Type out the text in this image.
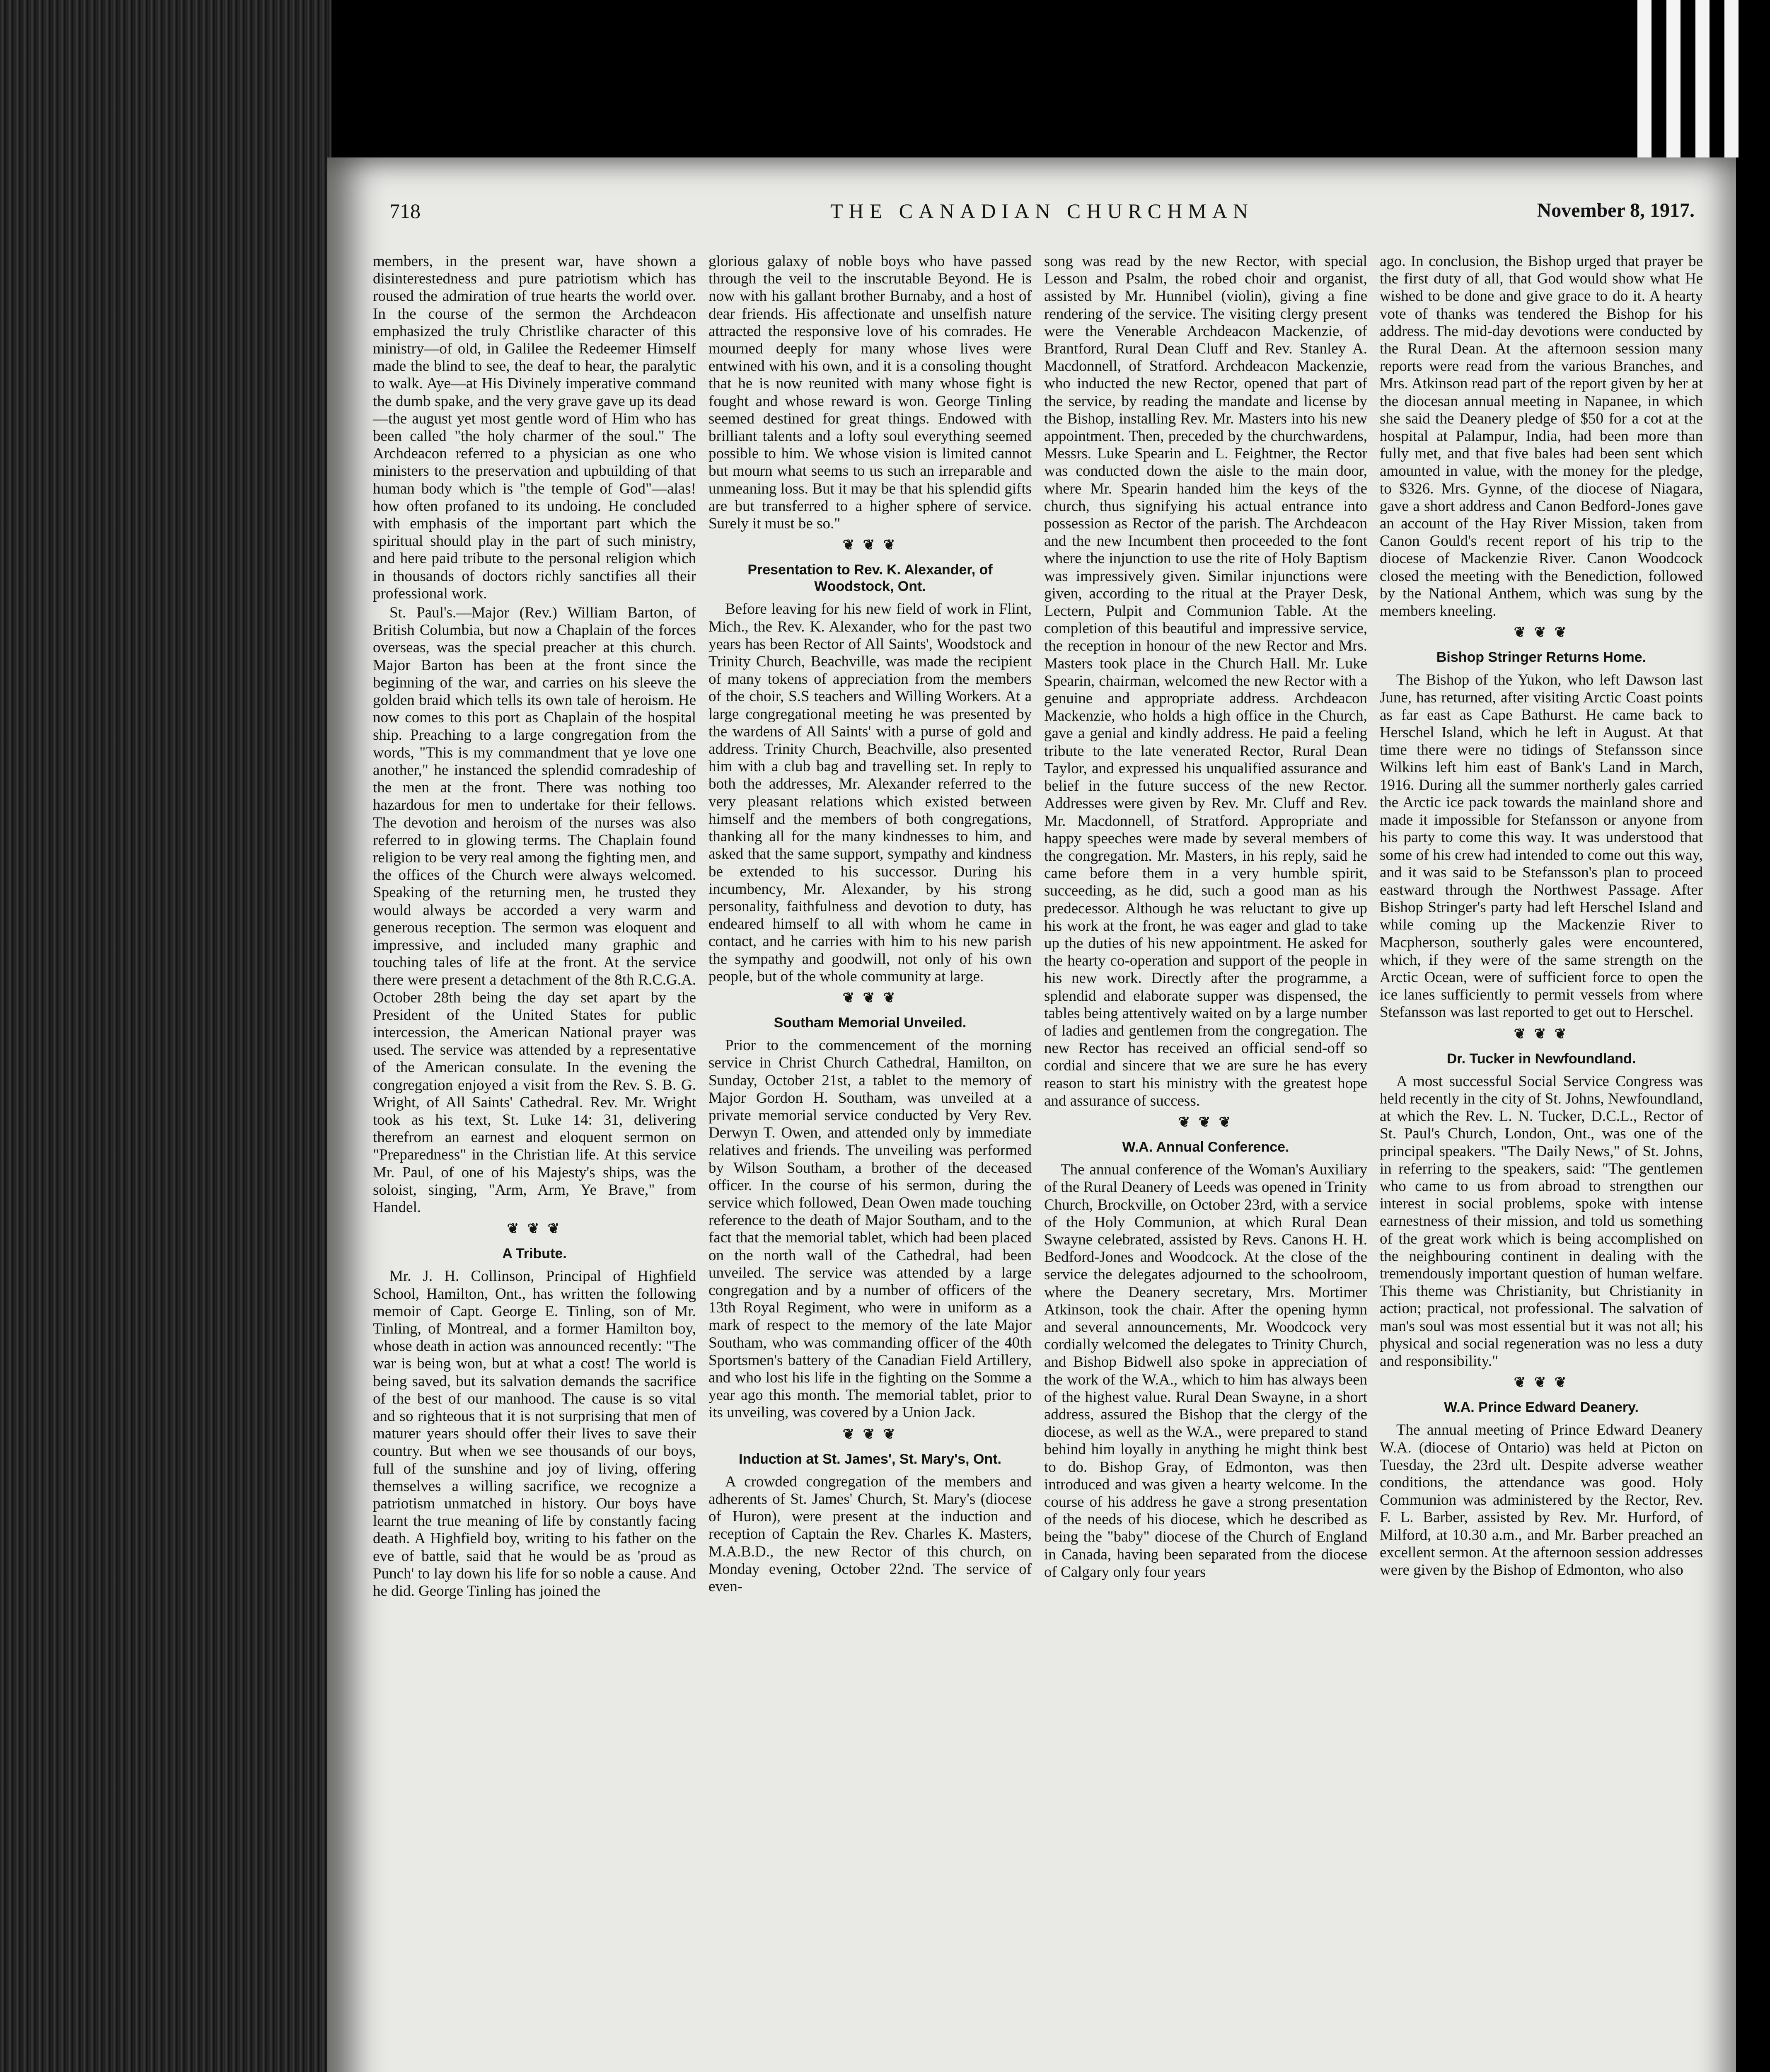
718	THE CANADIAN CHURCHMAN	November 8, 1917.

members, in the present war, have shown a disinterestedness and pure patriotism which has roused the admiration of true hearts the world over. In the course of the sermon the Archdeacon emphasized the truly Christlike character of this ministry—of old, in Galilee the Redeemer Himself made the blind to see, the deaf to hear, the paralytic to walk. Aye—at His Divinely imperative command the dumb spake, and the very grave gave up its dead—the august yet most gentle word of Him who has been called "the holy charmer of the soul." The Archdeacon referred to a physician as one who ministers to the preservation and upbuilding of that human body which is "the temple of God"—alas! how often profaned to its undoing. He concluded with emphasis of the important part which the spiritual should play in the part of such ministry, and here paid tribute to the personal religion which in thousands of doctors richly sanctifies all their professional work.

St. Paul's.—Major (Rev.) William Barton, of British Columbia, but now a Chaplain of the forces overseas, was the special preacher at this church. Major Barton has been at the front since the beginning of the war, and carries on his sleeve the golden braid which tells its own tale of heroism. He now comes to this port as Chaplain of the hospital ship. Preaching to a large congregation from the words, "This is my commandment that ye love one another," he instanced the splendid comradeship of the men at the front. There was nothing too hazardous for men to undertake for their fellows. The devotion and heroism of the nurses was also referred to in glowing terms. The Chaplain found religion to be very real among the fighting men, and the offices of the Church were always welcomed. Speaking of the returning men, he trusted they would always be accorded a very warm and generous reception. The sermon was eloquent and impressive, and included many graphic and touching tales of life at the front. At the service there were present a detachment of the 8th R.C.G.A. October 28th being the day set apart by the President of the United States for public intercession, the American National prayer was used. The service was attended by a representative of the American consulate. In the evening the congregation enjoyed a visit from the Rev. S. B. G. Wright, of All Saints' Cathedral. Rev. Mr. Wright took as his text, St. Luke 14: 31, delivering therefrom an earnest and eloquent sermon on "Preparedness" in the Christian life. At this service Mr. Paul, of one of his Majesty's ships, was the soloist, singing, "Arm, Arm, Ye Brave," from Handel.

❦ ❦ ❦
A Tribute.

Mr. J. H. Collinson, Principal of Highfield School, Hamilton, Ont., has written the following memoir of Capt. George E. Tinling, son of Mr. Tinling, of Montreal, and a former Hamilton boy, whose death in action was announced recently: "The war is being won, but at what a cost! The world is being saved, but its salvation demands the sacrifice of the best of our manhood. The cause is so vital and so righteous that it is not surprising that men of maturer years should offer their lives to save their country. But when we see thousands of our boys, full of the sunshine and joy of living, offering themselves a willing sacrifice, we recognize a patriotism unmatched in history. Our boys have learnt the true meaning of life by constantly facing death. A Highfield boy, writing to his father on the eve of battle, said that he would be as 'proud as Punch' to lay down his life for so noble a cause. And he did. George Tinling has joined the

glorious galaxy of noble boys who have passed through the veil to the inscrutable Beyond. He is now with his gallant brother Burnaby, and a host of dear friends. His affectionate and unselfish nature attracted the responsive love of his comrades. He mourned deeply for many whose lives were entwined with his own, and it is a consoling thought that he is now reunited with many whose fight is fought and whose reward is won. George Tinling seemed destined for great things. Endowed with brilliant talents and a lofty soul everything seemed possible to him. We whose vision is limited cannot but mourn what seems to us such an irreparable and unmeaning loss. But it may be that his splendid gifts are but transferred to a higher sphere of service. Surely it must be so."

❦ ❦ ❦
Presentation to Rev. K. Alexander, of Woodstock, Ont.

Before leaving for his new field of work in Flint, Mich., the Rev. K. Alexander, who for the past two years has been Rector of All Saints', Woodstock and Trinity Church, Beachville, was made the recipient of many tokens of appreciation from the members of the choir, S.S teachers and Willing Workers. At a large congregational meeting he was presented by the wardens of All Saints' with a purse of gold and address. Trinity Church, Beachville, also presented him with a club bag and travelling set. In reply to both the addresses, Mr. Alexander referred to the very pleasant relations which existed between himself and the members of both congregations, thanking all for the many kindnesses to him, and asked that the same support, sympathy and kindness be extended to his successor. During his incumbency, Mr. Alexander, by his strong personality, faithfulness and devotion to duty, has endeared himself to all with whom he came in contact, and he carries with him to his new parish the sympathy and goodwill, not only of his own people, but of the whole community at large.

❦ ❦ ❦
Southam Memorial Unveiled.

Prior to the commencement of the morning service in Christ Church Cathedral, Hamilton, on Sunday, October 21st, a tablet to the memory of Major Gordon H. Southam, was unveiled at a private memorial service conducted by Very Rev. Derwyn T. Owen, and attended only by immediate relatives and friends. The unveiling was performed by Wilson Southam, a brother of the deceased officer. In the course of his sermon, during the service which followed, Dean Owen made touching reference to the death of Major Southam, and to the fact that the memorial tablet, which had been placed on the north wall of the Cathedral, had been unveiled. The service was attended by a large congregation and by a number of officers of the 13th Royal Regiment, who were in uniform as a mark of respect to the memory of the late Major Southam, who was commanding officer of the 40th Sportsmen's battery of the Canadian Field Artillery, and who lost his life in the fighting on the Somme a year ago this month. The memorial tablet, prior to its unveiling, was covered by a Union Jack.

❦ ❦ ❦
Induction at St. James', St. Mary's, Ont.

A crowded congregation of the members and adherents of St. James' Church, St. Mary's (diocese of Huron), were present at the induction and reception of Captain the Rev. Charles K. Masters, M.A.B.D., the new Rector of this church, on Monday evening, October 22nd. The service of even-

song was read by the new Rector, with special Lesson and Psalm, the robed choir and organist, assisted by Mr. Hunnibel (violin), giving a fine rendering of the service. The visiting clergy present were the Venerable Archdeacon Mackenzie, of Brantford, Rural Dean Cluff and Rev. Stanley A. Macdonnell, of Stratford. Archdeacon Mackenzie, who inducted the new Rector, opened that part of the service, by reading the mandate and license by the Bishop, installing Rev. Mr. Masters into his new appointment. Then, preceded by the churchwardens, Messrs. Luke Spearin and L. Feightner, the Rector was conducted down the aisle to the main door, where Mr. Spearin handed him the keys of the church, thus signifying his actual entrance into possession as Rector of the parish. The Archdeacon and the new Incumbent then proceeded to the font where the injunction to use the rite of Holy Baptism was impressively given. Similar injunctions were given, according to the ritual at the Prayer Desk, Lectern, Pulpit and Communion Table. At the completion of this beautiful and impressive service, the reception in honour of the new Rector and Mrs. Masters took place in the Church Hall. Mr. Luke Spearin, chairman, welcomed the new Rector with a genuine and appropriate address. Archdeacon Mackenzie, who holds a high office in the Church, gave a genial and kindly address. He paid a feeling tribute to the late venerated Rector, Rural Dean Taylor, and expressed his unqualified assurance and belief in the future success of the new Rector. Addresses were given by Rev. Mr. Cluff and Rev. Mr. Macdonnell, of Stratford. Appropriate and happy speeches were made by several members of the congregation. Mr. Masters, in his reply, said he came before them in a very humble spirit, succeeding, as he did, such a good man as his predecessor. Although he was reluctant to give up his work at the front, he was eager and glad to take up the duties of his new appointment. He asked for the hearty co-operation and support of the people in his new work. Directly after the programme, a splendid and elaborate supper was dispensed, the tables being attentively waited on by a large number of ladies and gentlemen from the congregation. The new Rector has received an official send-off so cordial and sincere that we are sure he has every reason to start his ministry with the greatest hope and assurance of success.

❦ ❦ ❦
W.A. Annual Conference.

The annual conference of the Woman's Auxiliary of the Rural Deanery of Leeds was opened in Trinity Church, Brockville, on October 23rd, with a service of the Holy Communion, at which Rural Dean Swayne celebrated, assisted by Revs. Canons H. H. Bedford-Jones and Woodcock. At the close of the service the delegates adjourned to the schoolroom, where the Deanery secretary, Mrs. Mortimer Atkinson, took the chair. After the opening hymn and several announcements, Mr. Woodcock very cordially welcomed the delegates to Trinity Church, and Bishop Bidwell also spoke in appreciation of the work of the W.A., which to him has always been of the highest value. Rural Dean Swayne, in a short address, assured the Bishop that the clergy of the diocese, as well as the W.A., were prepared to stand behind him loyally in anything he might think best to do. Bishop Gray, of Edmonton, was then introduced and was given a hearty welcome. In the course of his address he gave a strong presentation of the needs of his diocese, which he described as being the "baby" diocese of the Church of England in Canada, having been separated from the diocese of Calgary only four years

ago. In conclusion, the Bishop urged that prayer be the first duty of all, that God would show what He wished to be done and give grace to do it. A hearty vote of thanks was tendered the Bishop for his address. The mid-day devotions were conducted by the Rural Dean. At the afternoon session many reports were read from the various Branches, and Mrs. Atkinson read part of the report given by her at the diocesan annual meeting in Napanee, in which she said the Deanery pledge of $50 for a cot at the hospital at Palampur, India, had been more than fully met, and that five bales had been sent which amounted in value, with the money for the pledge, to $326. Mrs. Gynne, of the diocese of Niagara, gave a short address and Canon Bedford-Jones gave an account of the Hay River Mission, taken from Canon Gould's recent report of his trip to the diocese of Mackenzie River. Canon Woodcock closed the meeting with the Benediction, followed by the National Anthem, which was sung by the members kneeling.

❦ ❦ ❦
Bishop Stringer Returns Home.

The Bishop of the Yukon, who left Dawson last June, has returned, after visiting Arctic Coast points as far east as Cape Bathurst. He came back to Herschel Island, which he left in August. At that time there were no tidings of Stefansson since Wilkins left him east of Bank's Land in March, 1916. During all the summer northerly gales carried the Arctic ice pack towards the mainland shore and made it impossible for Stefansson or anyone from his party to come this way. It was understood that some of his crew had intended to come out this way, and it was said to be Stefansson's plan to proceed eastward through the Northwest Passage. After Bishop Stringer's party had left Herschel Island and while coming up the Mackenzie River to Macpherson, southerly gales were encountered, which, if they were of the same strength on the Arctic Ocean, were of sufficient force to open the ice lanes sufficiently to permit vessels from where Stefansson was last reported to get out to Herschel.

❦ ❦ ❦
Dr. Tucker in Newfoundland.

A most successful Social Service Congress was held recently in the city of St. Johns, Newfoundland, at which the Rev. L. N. Tucker, D.C.L., Rector of St. Paul's Church, London, Ont., was one of the principal speakers. "The Daily News," of St. Johns, in referring to the speakers, said: "The gentlemen who came to us from abroad to strengthen our interest in social problems, spoke with intense earnestness of their mission, and told us something of the great work which is being accomplished on the neighbouring continent in dealing with the tremendously important question of human welfare. This theme was Christianity, but Christianity in action; practical, not professional. The salvation of man's soul was most essential but it was not all; his physical and social regeneration was no less a duty and responsibility."

❦ ❦ ❦
W.A. Prince Edward Deanery.

The annual meeting of Prince Edward Deanery W.A. (diocese of Ontario) was held at Picton on Tuesday, the 23rd ult. Despite adverse weather conditions, the attendance was good. Holy Communion was administered by the Rector, Rev. F. L. Barber, assisted by Rev. Mr. Hurford, of Milford, at 10.30 a.m., and Mr. Barber preached an excellent sermon. At the afternoon session addresses were given by the Bishop of Edmonton, who also
